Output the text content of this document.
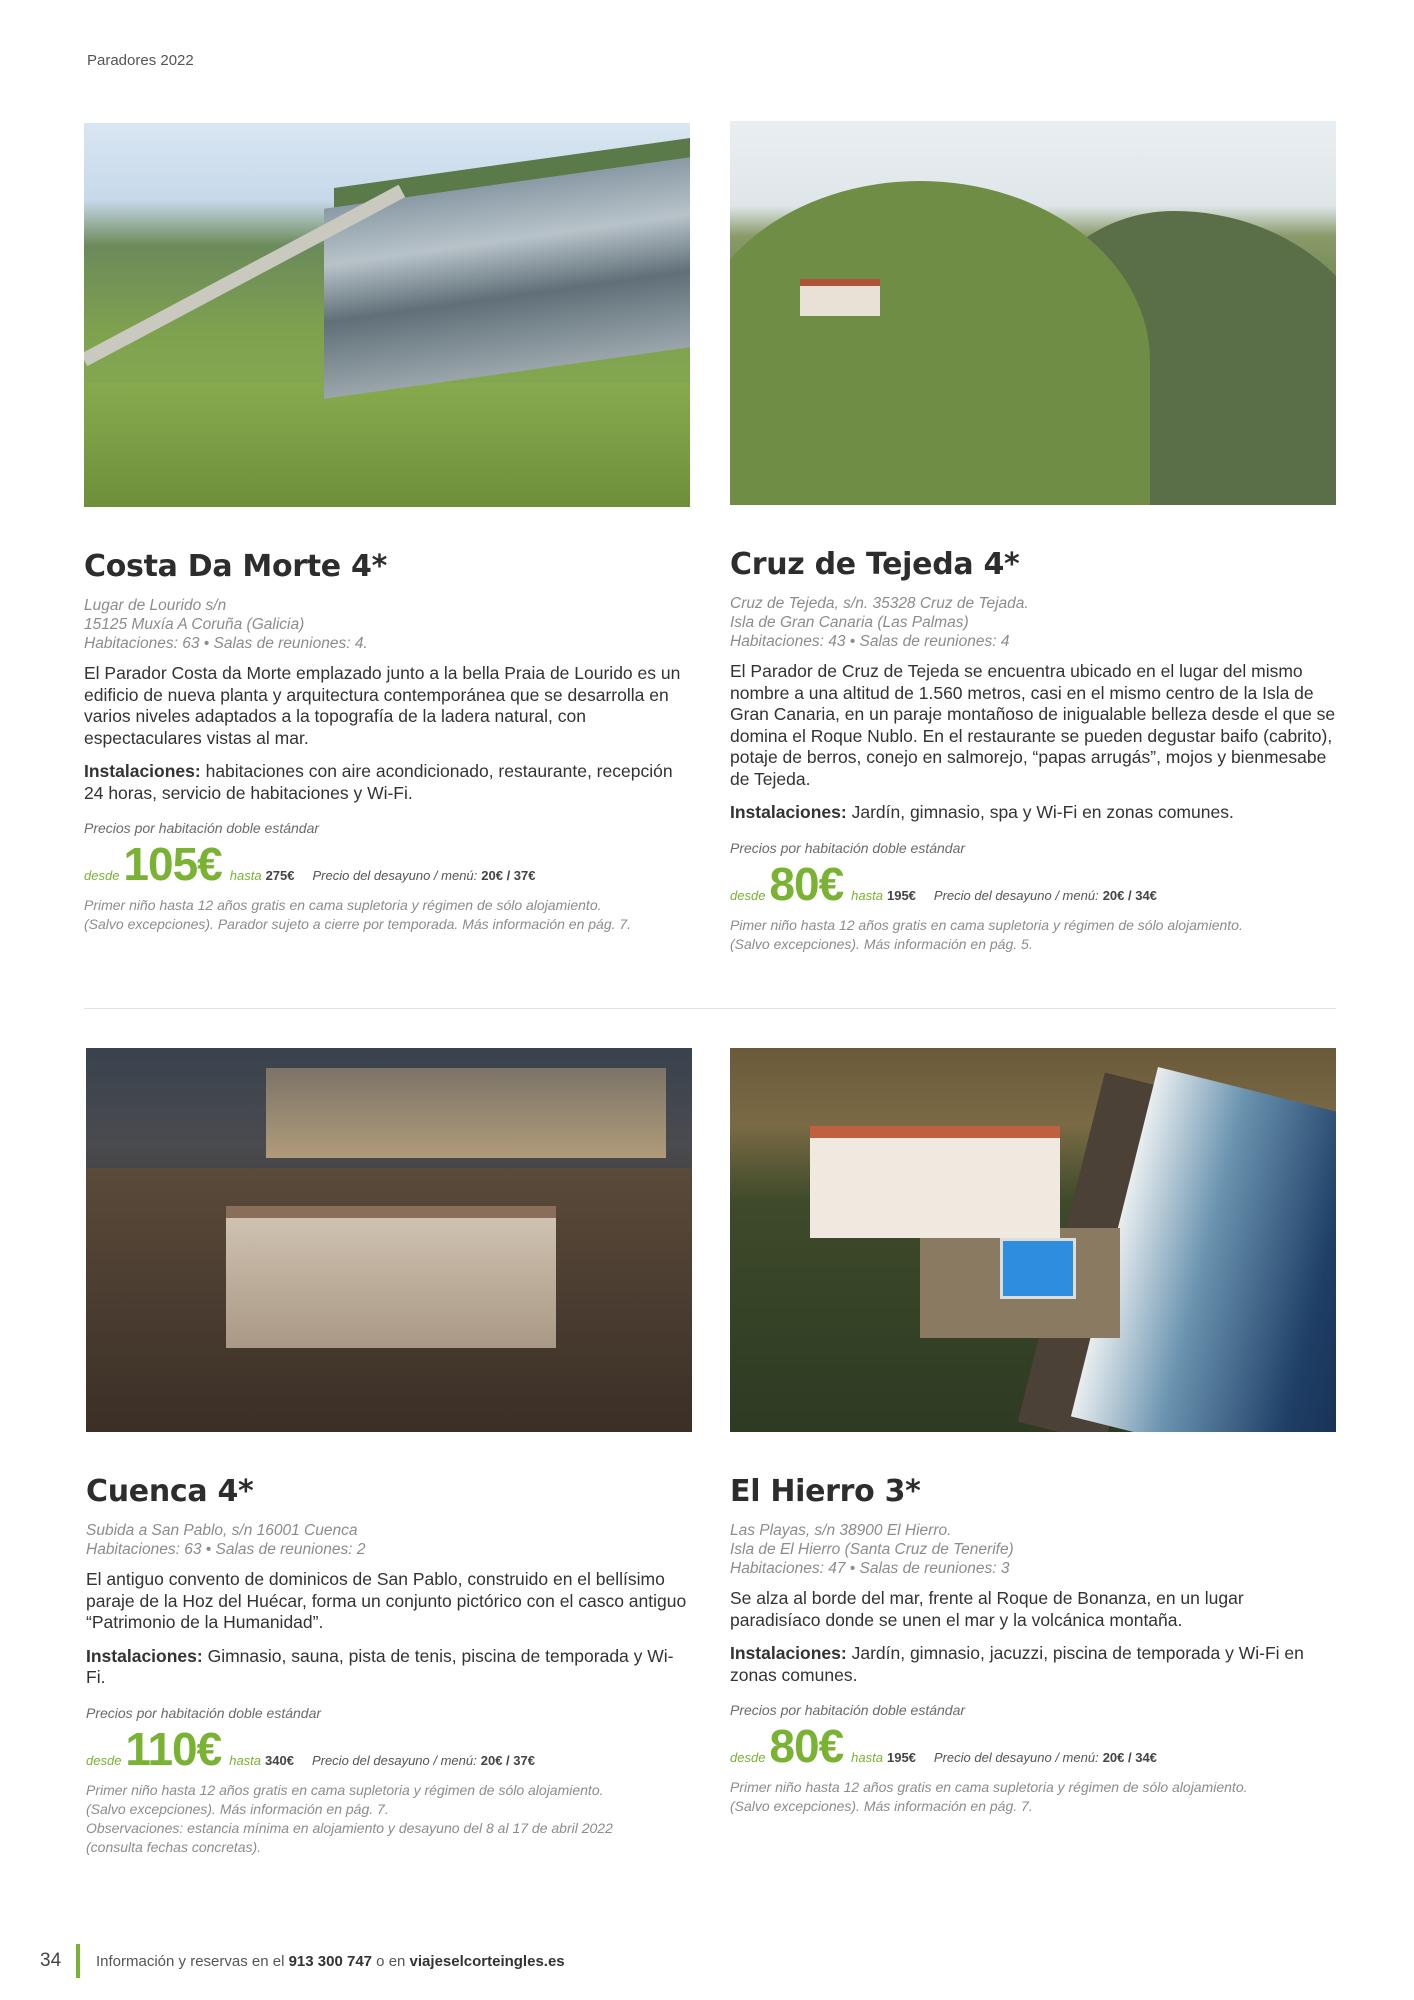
Paradores 2022
Costa Da Morte 4*
Lugar de Lourido s/n
15125 Muxía A Coruña (Galicia)
Habitaciones: 63 • Salas de reuniones: 4.
El Parador Costa da Morte emplazado junto a la bella Praia de Lourido es un edificio de nueva planta y arquitectura contemporánea que se desarrolla en varios niveles adaptados a la topografía de la ladera natural, con espectaculares vistas al mar.
Instalaciones: habitaciones con aire acondicionado, restaurante, recepción 24 horas, servicio de habitaciones y Wi-Fi.
Precios por habitación doble estándar
desde 105€ hasta 275€ Precio del desayuno / menú: 20€ / 37€
Primer niño hasta 12 años gratis en cama supletoria y régimen de sólo alojamiento.
(Salvo excepciones). Parador sujeto a cierre por temporada. Más información en pág. 7.
Cruz de Tejeda 4*
Cruz de Tejeda, s/n. 35328 Cruz de Tejada.
Isla de Gran Canaria (Las Palmas)
Habitaciones: 43 • Salas de reuniones: 4
El Parador de Cruz de Tejeda se encuentra ubicado en el lugar del mismo nombre a una altitud de 1.560 metros, casi en el mismo centro de la Isla de Gran Canaria, en un paraje montañoso de inigualable belleza desde el que se domina el Roque Nublo. En el restaurante se pueden degustar baifo (cabrito), potaje de berros, conejo en salmorejo, “papas arrugás”, mojos y bienmesabe de Tejeda.
Instalaciones: Jardín, gimnasio, spa y Wi-Fi en zonas comunes.
Precios por habitación doble estándar
desde 80€ hasta 195€ Precio del desayuno / menú: 20€ / 34€
Pimer niño hasta 12 años gratis en cama supletoria y régimen de sólo alojamiento.
(Salvo excepciones). Más información en pág. 5.
Cuenca 4*
Subida a San Pablo, s/n 16001 Cuenca
Habitaciones: 63 • Salas de reuniones: 2
El antiguo convento de dominicos de San Pablo, construido en el bellísimo paraje de la Hoz del Huécar, forma un conjunto pictórico con el casco antiguo “Patrimonio de la Humanidad”.
Instalaciones: Gimnasio, sauna, pista de tenis, piscina de temporada y Wi-Fi.
Precios por habitación doble estándar
desde 110€ hasta 340€ Precio del desayuno / menú: 20€ / 37€
Primer niño hasta 12 años gratis en cama supletoria y régimen de sólo alojamiento.
(Salvo excepciones). Más información en pág. 7.
Observaciones: estancia mínima en alojamiento y desayuno del 8 al 17 de abril 2022
(consulta fechas concretas).
El Hierro 3*
Las Playas, s/n 38900 El Hierro.
Isla de El Hierro (Santa Cruz de Tenerife)
Habitaciones: 47 • Salas de reuniones: 3
Se alza al borde del mar, frente al Roque de Bonanza, en un lugar paradisíaco donde se unen el mar y la volcánica montaña.
Instalaciones: Jardín, gimnasio, jacuzzi, piscina de temporada y Wi-Fi en zonas comunes.
Precios por habitación doble estándar
desde 80€ hasta 195€ Precio del desayuno / menú: 20€ / 34€
Primer niño hasta 12 años gratis en cama supletoria y régimen de sólo alojamiento.
(Salvo excepciones). Más información en pág. 7.
34	Información y reservas en el 913 300 747 o en viajeselcorteingles.es
